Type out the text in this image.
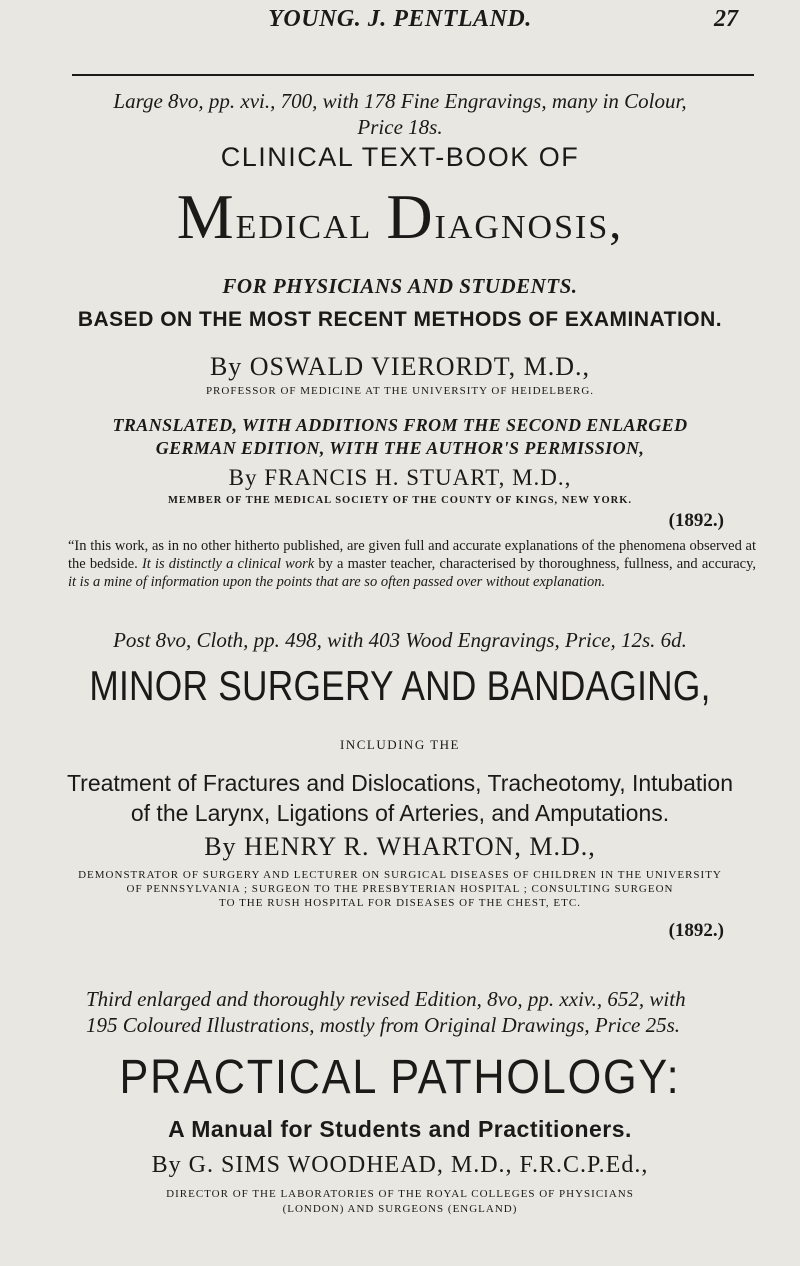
YOUNG. J. PENTLAND.	27
Large 8vo, pp. xvi., 700, with 178 Fine Engravings, many in Colour,
Price 18s.
CLINICAL TEXT-BOOK OF
Medical Diagnosis,
FOR PHYSICIANS AND STUDENTS.
BASED ON THE MOST RECENT METHODS OF EXAMINATION.
By OSWALD VIERORDT, M.D.,
PROFESSOR OF MEDICINE AT THE UNIVERSITY OF HEIDELBERG.
TRANSLATED, WITH ADDITIONS FROM THE SECOND ENLARGED
GERMAN EDITION, WITH THE AUTHOR'S PERMISSION,
By FRANCIS H. STUART, M.D.,
MEMBER OF THE MEDICAL SOCIETY OF THE COUNTY OF KINGS, NEW YORK.
(1892.)
“In this work, as in no other hitherto published, are given full and accurate explanations of the phenomena observed at the bedside. It is distinctly a clinical work by a master teacher, characterised by thoroughness, fullness, and accuracy, it is a mine of information upon the points that are so often passed over without explanation.
Post 8vo, Cloth, pp. 498, with 403 Wood Engravings, Price, 12s. 6d.
MINOR SURGERY AND BANDAGING,
INCLUDING THE
Treatment of Fractures and Dislocations, Tracheotomy, Intubation
of the Larynx, Ligations of Arteries, and Amputations.
By HENRY R. WHARTON, M.D.,
DEMONSTRATOR OF SURGERY AND LECTURER ON SURGICAL DISEASES OF CHILDREN IN THE UNIVERSITY
OF PENNSYLVANIA ; SURGEON TO THE PRESBYTERIAN HOSPITAL ; CONSULTING SURGEON
TO THE RUSH HOSPITAL FOR DISEASES OF THE CHEST, ETC.
(1892.)
Third enlarged and thoroughly revised Edition, 8vo, pp. xxiv., 652, with
195 Coloured Illustrations, mostly from Original Drawings, Price 25s.
PRACTICAL PATHOLOGY:
A Manual for Students and Practitioners.
By G. SIMS WOODHEAD, M.D., F.R.C.P.Ed.,
DIRECTOR OF THE LABORATORIES OF THE ROYAL COLLEGES OF PHYSICIANS
(LONDON) AND SURGEONS (ENGLAND)
